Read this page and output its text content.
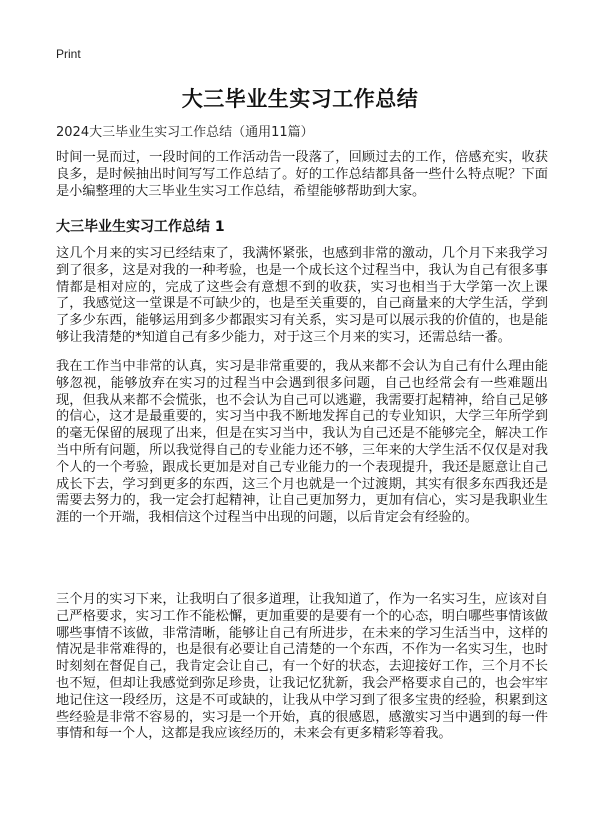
Print
大三毕业生实习工作总结
2024大三毕业生实习工作总结（通用11篇）
时间一晃而过，一段时间的工作活动告一段落了，回顾过去的工作，倍感充实，收获良多，是时候抽出时间写写工作总结了。好的工作总结都具备一些什么特点呢？下面是小编整理的大三毕业生实习工作总结，希望能够帮助到大家。
大三毕业生实习工作总结 1
这几个月来的实习已经结束了，我满怀紧张，也感到非常的激动，几个月下来我学习到了很多，这是对我的一种考验，也是一个成长这个过程当中，我认为自己有很多事情都是相对应的，完成了这些会有意想不到的收获，实习也相当于大学第一次上课了，我感觉这一堂课是不可缺少的，也是至关重要的，自己商量来的大学生活，学到了多少东西，能够运用到多少都跟实习有关系，实习是可以展示我的价值的，也是能够让我清楚的*知道自己有多少能力，对于这三个月来的实习，还需总结一番。
我在工作当中非常的认真，实习是非常重要的，我从来都不会认为自己有什么理由能够忽视，能够放弃在实习的过程当中会遇到很多问题，自己也经常会有一些难题出现，但我从来都不会慌张，也不会认为自己可以逃避，我需要打起精神，给自己足够的信心，这才是最重要的，实习当中我不断地发挥自己的专业知识，大学三年所学到的毫无保留的展现了出来，但是在实习当中，我认为自己还是不能够完全，解决工作当中所有问题，所以我觉得自己的专业能力还不够，三年来的大学生活不仅仅是对我个人的一个考验，跟成长更加是对自己专业能力的一个表现提升，我还是愿意让自己成长下去，学习到更多的东西，这三个月也就是一个过渡期，其实有很多东西我还是需要去努力的，我一定会打起精神，让自己更加努力，更加有信心，实习是我职业生涯的一个开端，我相信这个过程当中出现的问题，以后肯定会有经验的。
三个月的实习下来，让我明白了很多道理，让我知道了，作为一名实习生，应该对自己严格要求，实习工作不能松懈，更加重要的是要有一个的心态，明白哪些事情该做哪些事情不该做，非常清晰，能够让自己有所进步，在未来的学习生活当中，这样的情况是非常难得的，也是很有必要让自己清楚的一个东西，不作为一名实习生，也时时刻刻在督促自己，我肯定会让自己，有一个好的状态，去迎接好工作，三个月不长也不短，但却让我感觉到弥足珍贵，让我记忆犹新，我会严格要求自己的，也会牢牢地记住这一段经历，这是不可或缺的，让我从中学习到了很多宝贵的经验，积累到这些经验是非常不容易的，实习是一个开始，真的很感恩，感激实习当中遇到的每一件事情和每一个人，这都是我应该经历的，未来会有更多精彩等着我。
